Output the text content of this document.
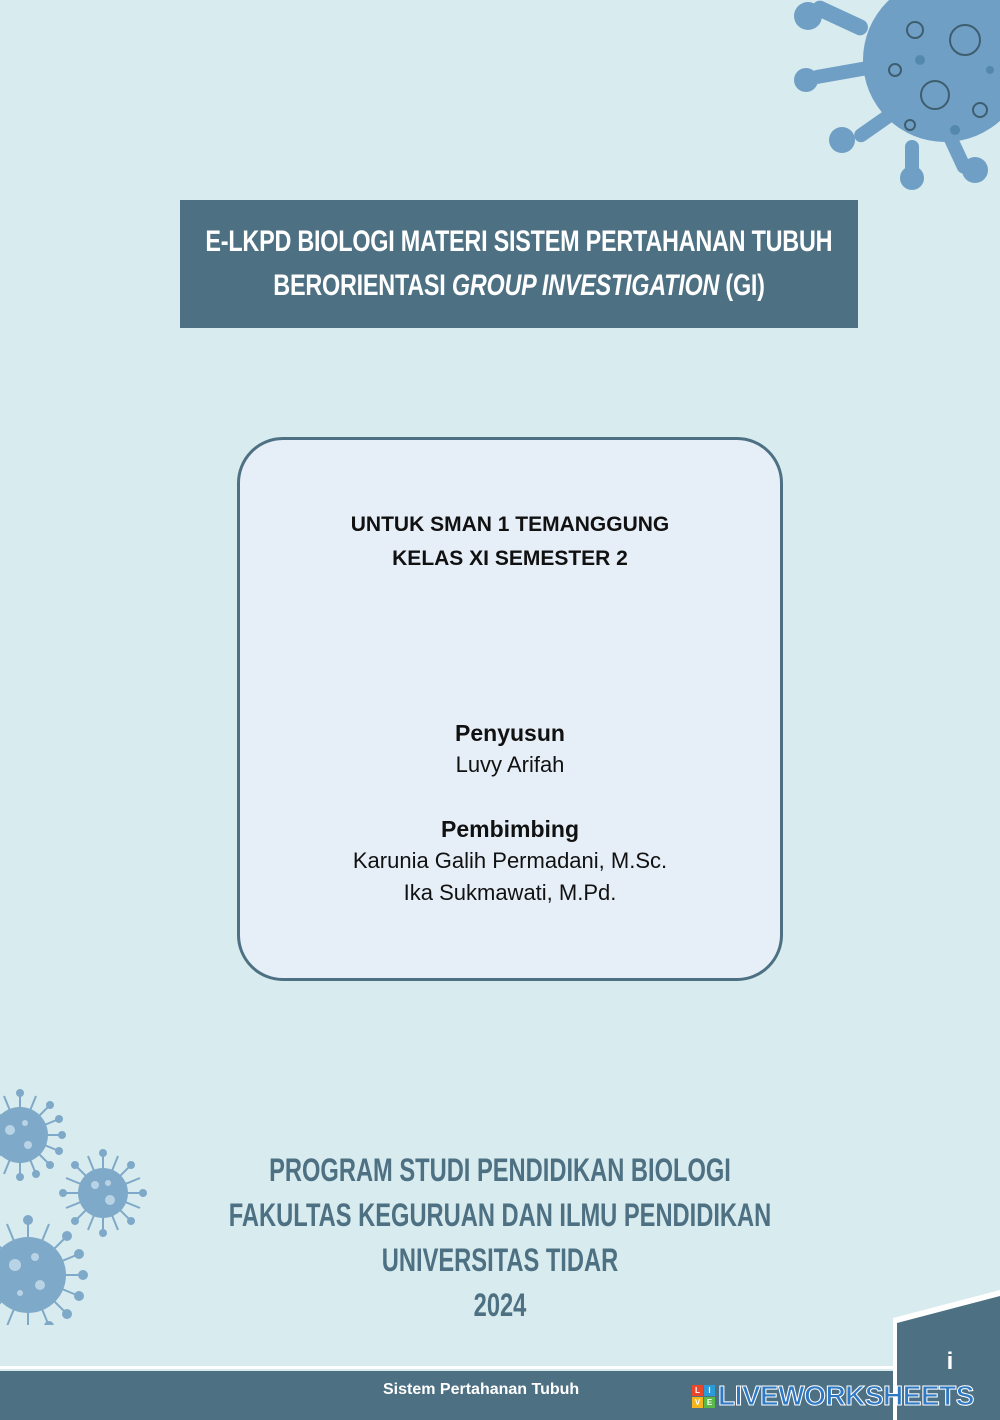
E-LKPD BIOLOGI MATERI SISTEM PERTAHANAN TUBUH
BERORIENTASI GROUP INVESTIGATION (GI)
UNTUK SMAN 1 TEMANGGUNG
KELAS XI SEMESTER 2
Penyusun
Luvy Arifah
Pembimbing
Karunia Galih Permadani, M.Sc.
Ika Sukmawati, M.Pd.
PROGRAM STUDI PENDIDIKAN BIOLOGI
FAKULTAS KEGURUAN DAN ILMU PENDIDIKAN
UNIVERSITAS TIDAR
2024
i
Sistem Pertahanan Tubuh	L	I
V E LIVEWORKSHEETS
